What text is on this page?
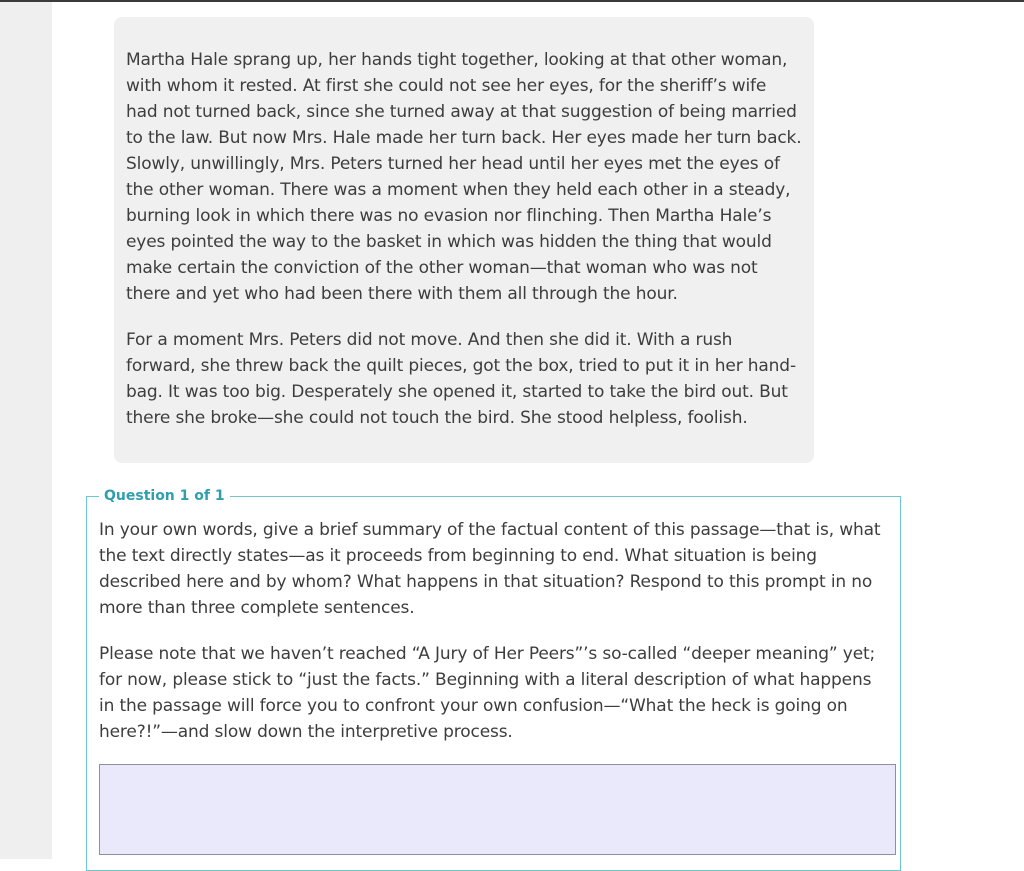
Martha Hale sprang up, her hands tight together, looking at that other woman, with whom it rested. At first she could not see her eyes, for the sheriff’s wife had not turned back, since she turned away at that suggestion of being married to the law. But now Mrs. Hale made her turn back. Her eyes made her turn back. Slowly, unwillingly, Mrs. Peters turned her head until her eyes met the eyes of the other woman. There was a moment when they held each other in a steady, burning look in which there was no evasion nor flinching. Then Martha Hale’s eyes pointed the way to the basket in which was hidden the thing that would make certain the conviction of the other woman—that woman who was not there and yet who had been there with them all through the hour.

For a moment Mrs. Peters did not move. And then she did it. With a rush forward, she threw back the quilt pieces, got the box, tried to put it in her hand-bag. It was too big. Desperately she opened it, started to take the bird out. But there she broke—she could not touch the bird. She stood helpless, foolish.

Question 1 of 1

In your own words, give a brief summary of the factual content of this passage—that is, what the text directly states—as it proceeds from beginning to end. What situation is being described here and by whom? What happens in that situation? Respond to this prompt in no more than three complete sentences.

Please note that we haven’t reached “A Jury of Her Peers”’s so-called “deeper meaning” yet; for now, please stick to “just the facts.” Beginning with a literal description of what happens in the passage will force you to confront your own confusion—“What the heck is going on here?!”—and slow down the interpretive process.
